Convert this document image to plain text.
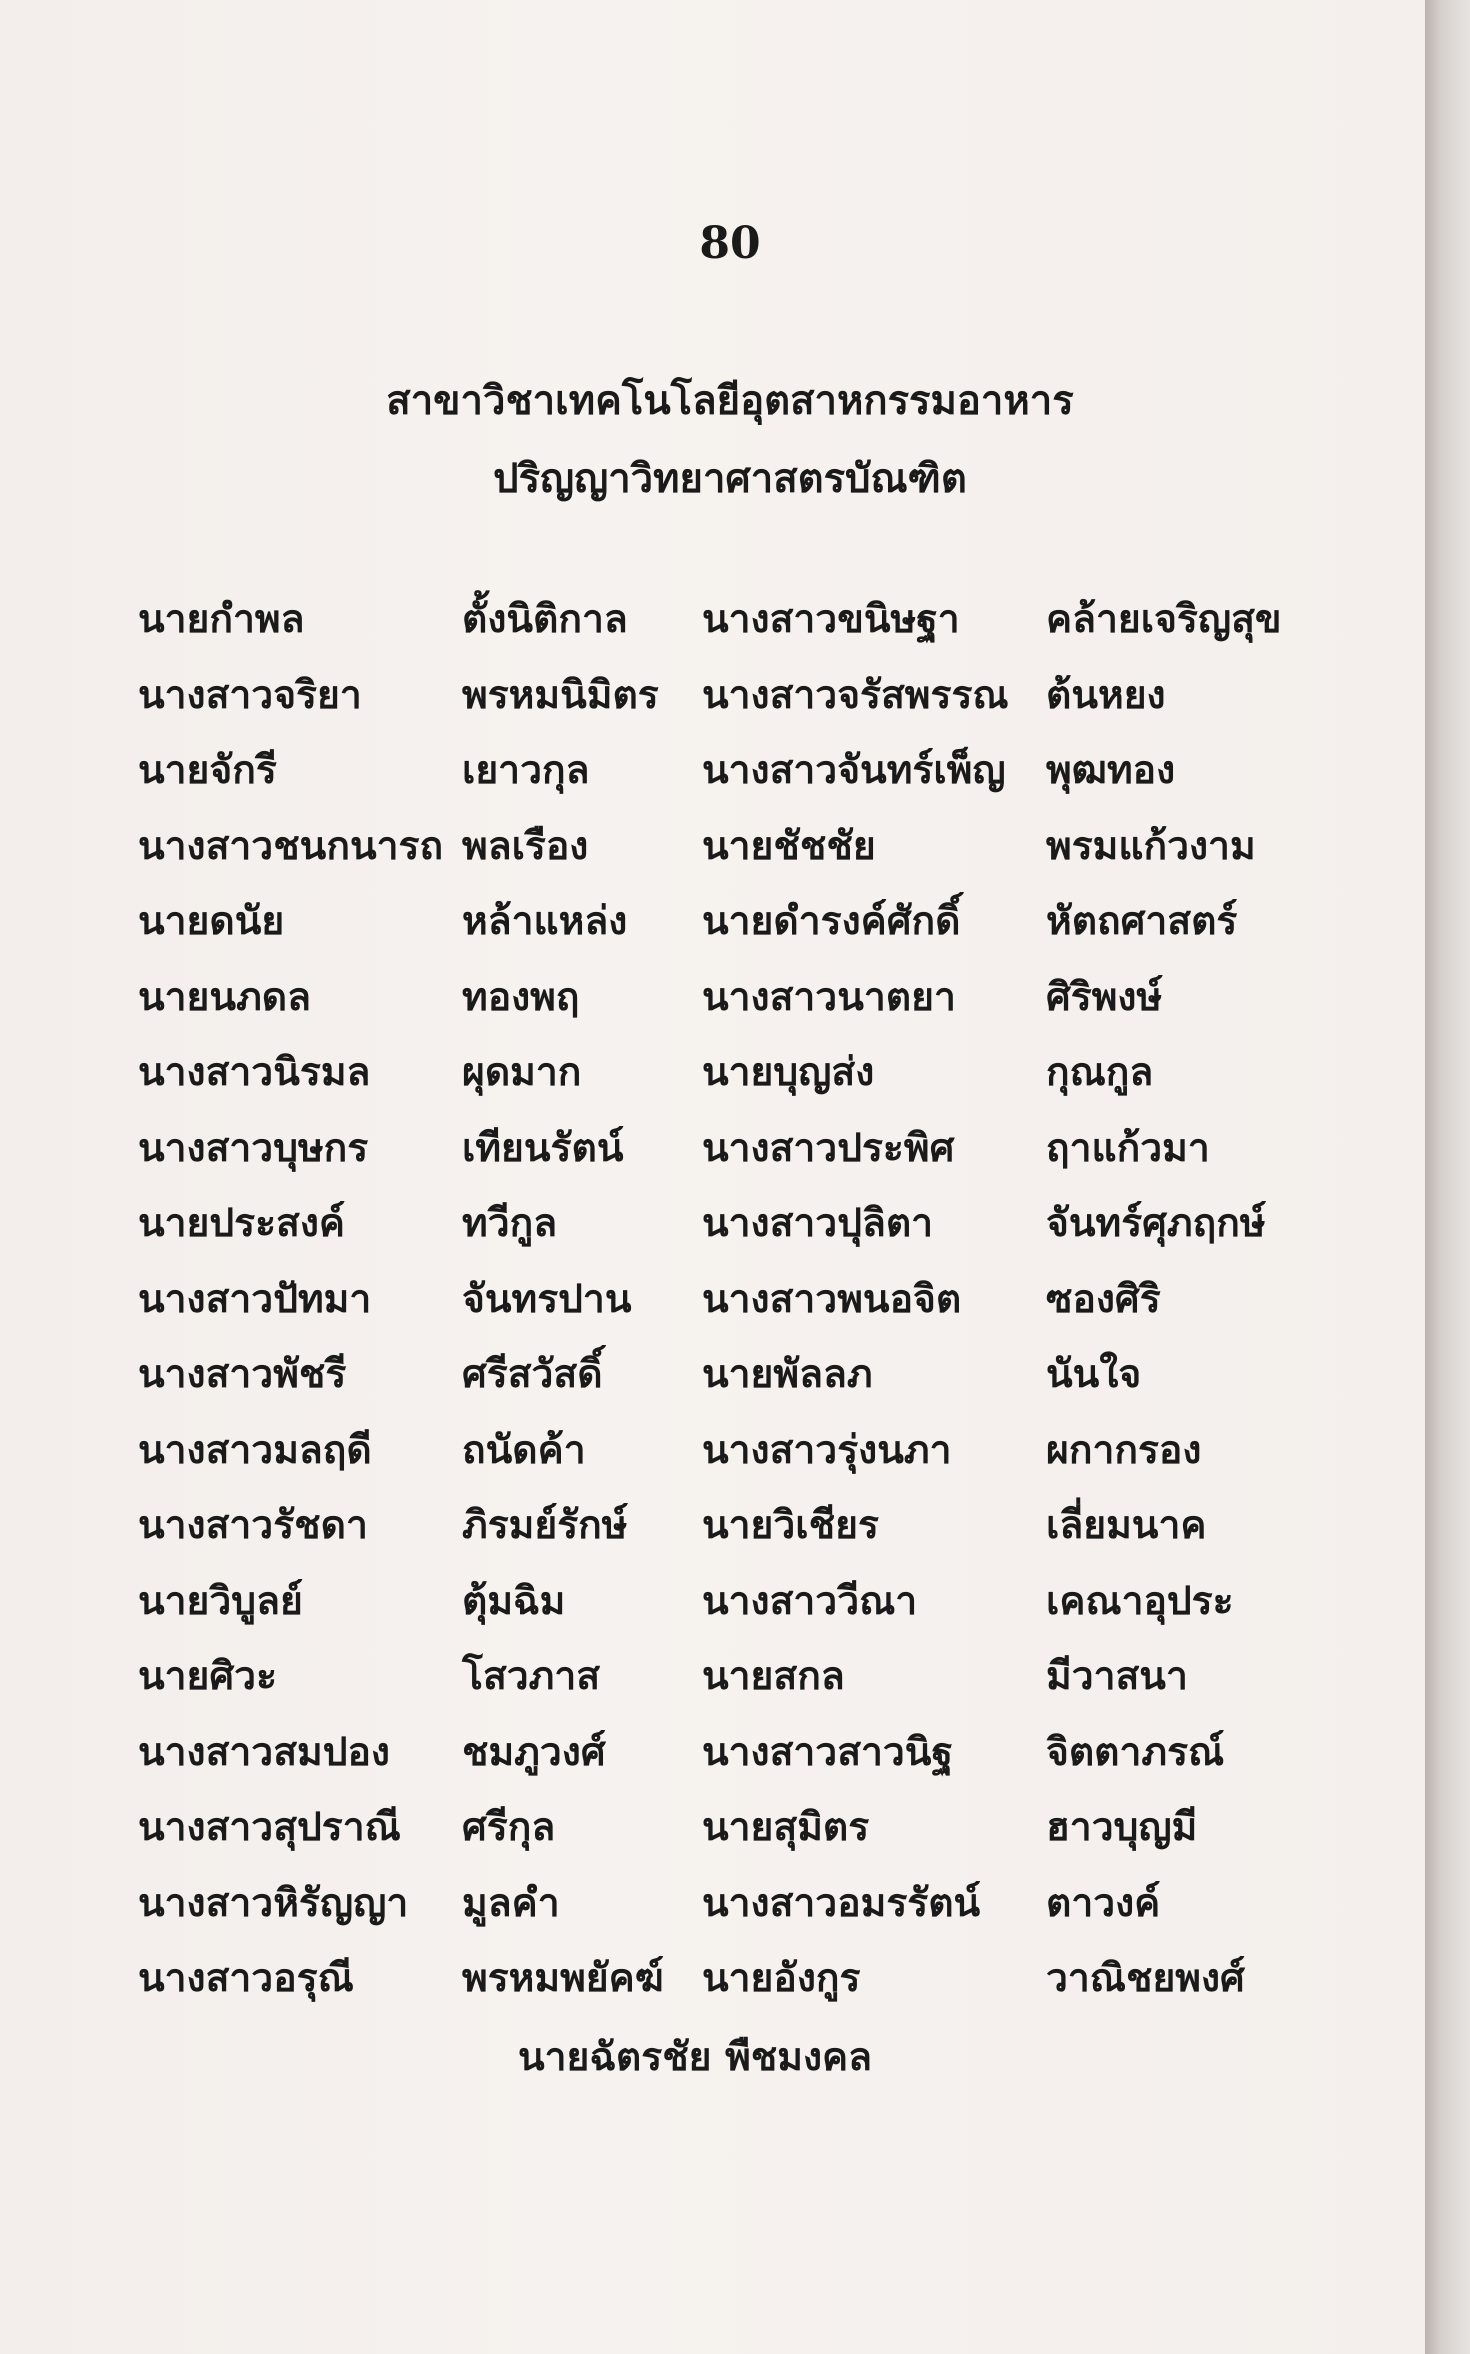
80
สาขาวิชาเทคโนโลยีอุตสาหกรรมอาหาร
ปริญญาวิทยาศาสตรบัณฑิต
นายกำพล	ตั้งนิติกาล นางสาวขนิษฐา คล้ายเจริญสุข
นางสาวจริยา	พรหมนิมิตร นางสาวจรัสพรรณ ต้นหยง
นายจักรี	เยาวกุล	นางสาวจันทร์เพ็ญ พุฒทอง
นางสาวชนกนารถ พลเรือง	นายชัชชัย	พรมแก้วงาม
นายดนัย	หล้าแหล่ง นายดำรงค์ศักดิ์ หัตถศาสตร์
นายนภดล	ทองพฤ	นางสาวนาตยา ศิริพงษ์
นางสาวนิรมล ผุดมาก	นายบุญส่ง	กุณกูล
นางสาวบุษกร เทียนรัตน์ นางสาวประพิศ ฤาแก้วมา
นายประสงค์	ทวีกูล	นางสาวปุลิตา	จันทร์ศุภฤกษ์
นางสาวปัทมา จันทรปาน นางสาวพนอจิต ซองศิริ
นางสาวพัชรี	ศรีสวัสดิ์	นายพัลลภ	นันใจ
นางสาวมลฤดี ถนัดค้า	นางสาวรุ่งนภา ผกากรอง
นางสาวรัชดา ภิรมย์รักษ์ นายวิเชียร	เลี่ยมนาค
นายวิบูลย์	ตุ้มฉิม	นางสาววีณา	เคณาอุประ
นายศิวะ	โสวภาส	นายสกล	มีวาสนา
นางสาวสมปอง ชมภูวงศ์ นางสาวสาวนิฐ จิตตาภรณ์
นางสาวสุปราณี ศรีกุล	นายสุมิตร	ฮาวบุญมี
นางสาวหิรัญญา มูลคำ	นางสาวอมรรัตน์ ตาวงค์
นางสาวอรุณี	พรหมพยัคฆ์ นายอังกูร	วาณิชยพงศ์
นายฉัตรชัย พืชมงคล
